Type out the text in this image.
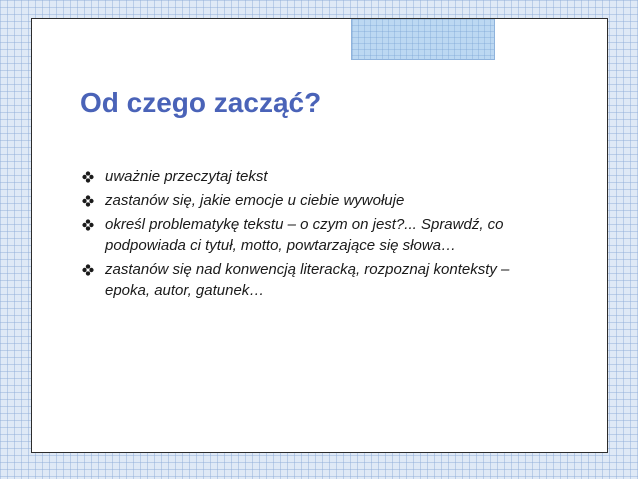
Od czego zacząć?
uważnie przeczytaj tekst
zastanów się, jakie emocje u ciebie wywołuje
określ problematykę tekstu – o czym on jest?... Sprawdź, co podpowiada ci tytuł, motto, powtarzające się słowa…
zastanów się nad konwencją literacką, rozpoznaj konteksty – epoka, autor, gatunek…
